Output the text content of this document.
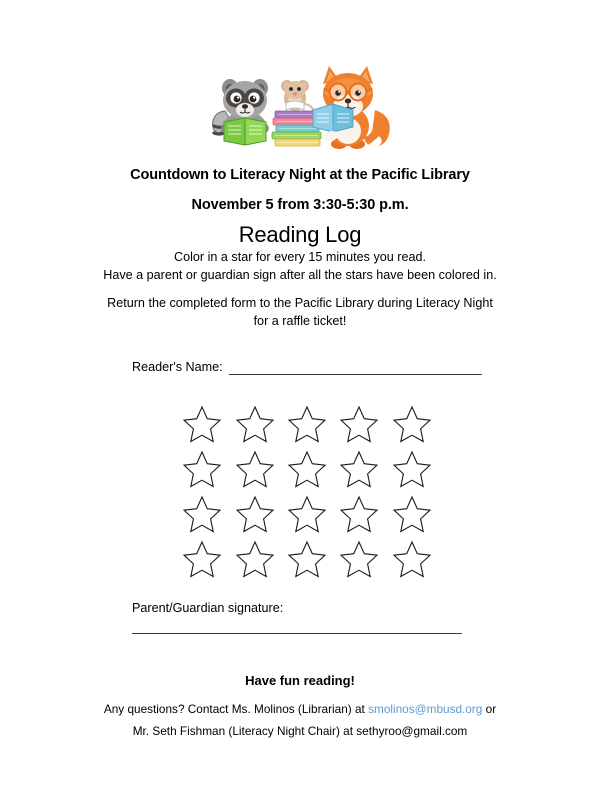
Countdown to Literacy Night at the Pacific Library
November 5 from 3:30-5:30 p.m.
Reading Log
Color in a star for every 15 minutes you read.
Have a parent or guardian sign after all the stars have been colored in.
Return the completed form to the Pacific Library during Literacy Night
for a raffle ticket!
Reader's Name:
Parent/Guardian signature:
Have fun reading!
Any questions? Contact Ms. Molinos (Librarian) at smolinos@mbusd.org or
Mr. Seth Fishman (Literacy Night Chair) at sethyroo@gmail.com
